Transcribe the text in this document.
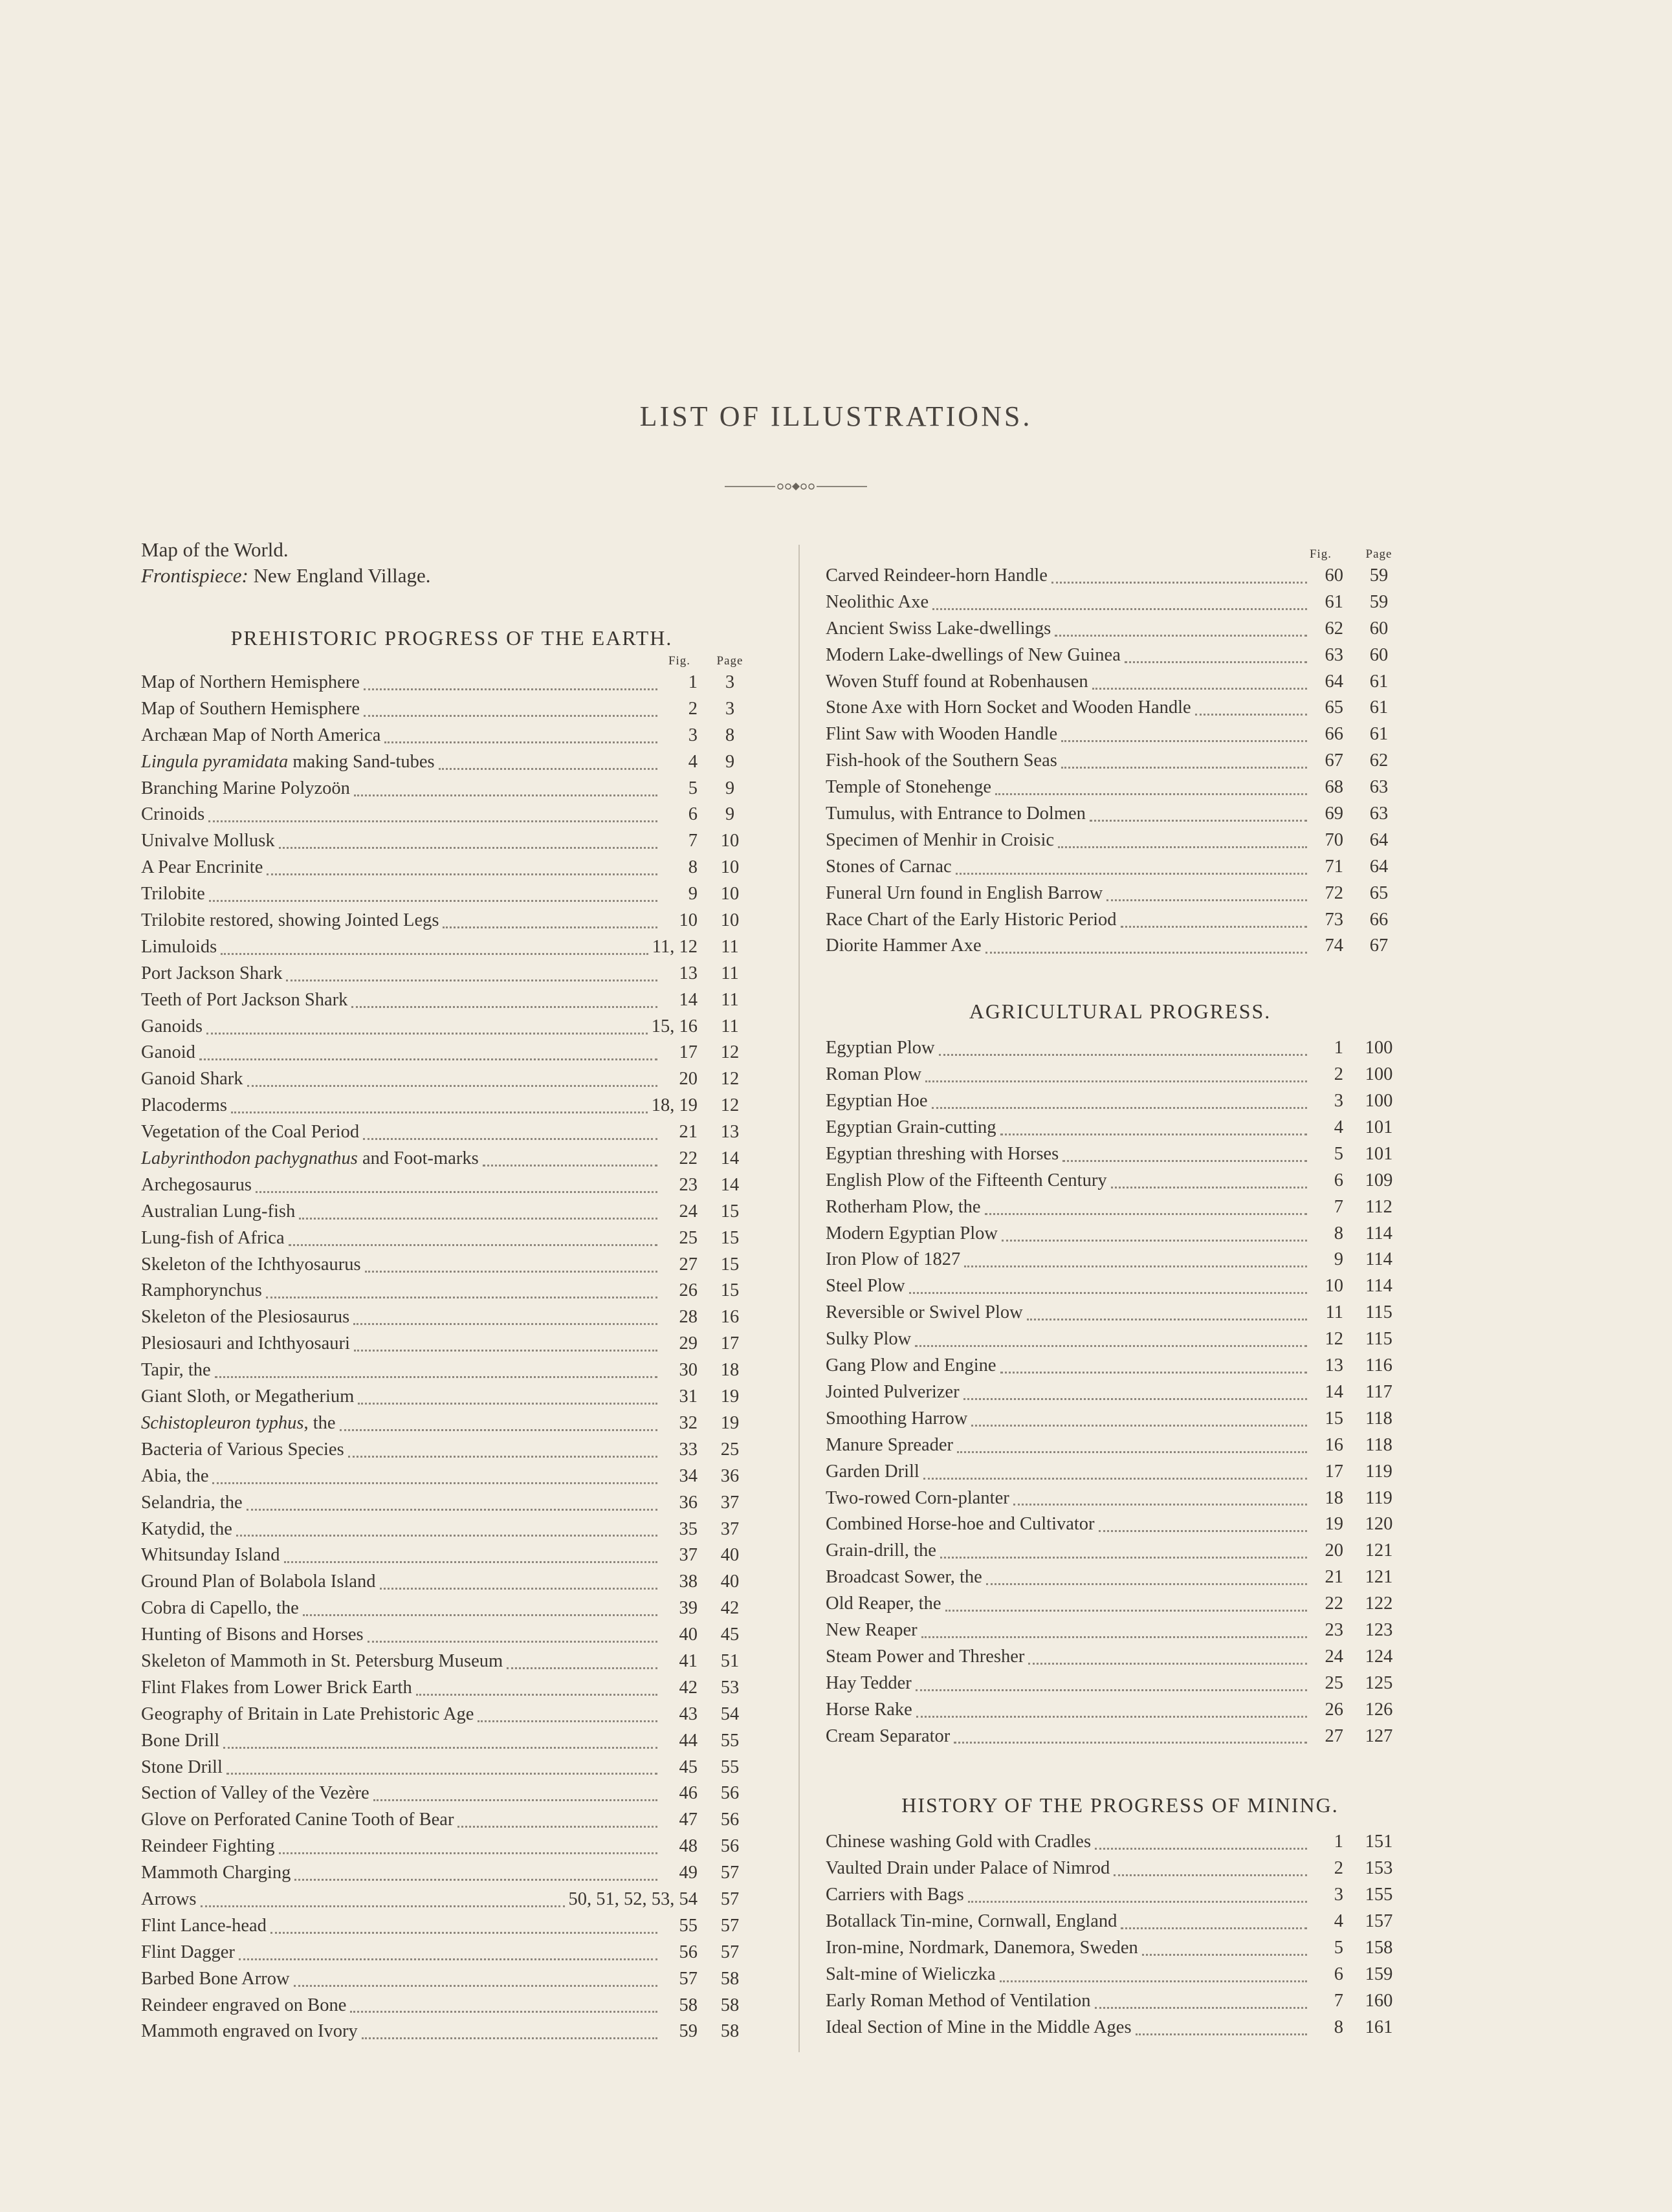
LIST OF ILLUSTRATIONS.
Map of the World.
Frontispiece: New England Village.
PREHISTORIC PROGRESS OF THE EARTH.
Fig.	Page
Map of Northern Hemisphere	1	3
Map of Southern Hemisphere	2	3
Archæan Map of North America	3	8
Lingula pyramidata making Sand-tubes	4	9
Branching Marine Polyzoön	5	9
Crinoids	6	9
Univalve Mollusk	7	10
A Pear Encrinite	8	10
Trilobite	9	10
Trilobite restored, showing Jointed Legs	10	10
Limuloids	11, 12	11
Port Jackson Shark	13	11
Teeth of Port Jackson Shark	14	11
Ganoids	15, 16	11
Ganoid	17	12
Ganoid Shark	20	12
Placoderms	18, 19	12
Vegetation of the Coal Period	21	13
Labyrinthodon pachygnathus and Foot-marks	22	14
Archegosaurus	23	14
Australian Lung-fish	24	15
Lung-fish of Africa	25	15
Skeleton of the Ichthyosaurus	27	15
Ramphorynchus	26	15
Skeleton of the Plesiosaurus	28	16
Plesiosauri and Ichthyosauri	29	17
Tapir, the	30	18
Giant Sloth, or Megatherium	31	19
Schistopleuron typhus, the	32	19
Bacteria of Various Species	33	25
Abia, the	34	36
Selandria, the	36	37
Katydid, the	35	37
Whitsunday Island	37	40
Ground Plan of Bolabola Island	38	40
Cobra di Capello, the	39	42
Hunting of Bisons and Horses	40	45
Skeleton of Mammoth in St. Petersburg Museum	41	51
Flint Flakes from Lower Brick Earth	42	53
Geography of Britain in Late Prehistoric Age	43	54
Bone Drill	44	55
Stone Drill	45	55
Section of Valley of the Vezère	46	56
Glove on Perforated Canine Tooth of Bear	47	56
Reindeer Fighting	48	56
Mammoth Charging	49	57
Arrows	50, 51, 52, 53, 54	57
Flint Lance-head	55	57
Flint Dagger	56	57
Barbed Bone Arrow	57	58
Reindeer engraved on Bone	58	58
Mammoth engraved on Ivory	59	58
Fig.	Page
Carved Reindeer-horn Handle	60	59
Neolithic Axe	61	59
Ancient Swiss Lake-dwellings	62	60
Modern Lake-dwellings of New Guinea	63	60
Woven Stuff found at Robenhausen	64	61
Stone Axe with Horn Socket and Wooden Handle	65	61
Flint Saw with Wooden Handle	66	61
Fish-hook of the Southern Seas	67	62
Temple of Stonehenge	68	63
Tumulus, with Entrance to Dolmen	69	63
Specimen of Menhir in Croisic	70	64
Stones of Carnac	71	64
Funeral Urn found in English Barrow	72	65
Race Chart of the Early Historic Period	73	66
Diorite Hammer Axe	74	67
AGRICULTURAL PROGRESS.
Egyptian Plow	1	100
Roman Plow	2	100
Egyptian Hoe	3	100
Egyptian Grain-cutting	4	101
Egyptian threshing with Horses	5	101
English Plow of the Fifteenth Century	6	109
Rotherham Plow, the	7	112
Modern Egyptian Plow	8	114
Iron Plow of 1827	9	114
Steel Plow	10	114
Reversible or Swivel Plow	11	115
Sulky Plow	12	115
Gang Plow and Engine	13	116
Jointed Pulverizer	14	117
Smoothing Harrow	15	118
Manure Spreader	16	118
Garden Drill	17	119
Two-rowed Corn-planter	18	119
Combined Horse-hoe and Cultivator	19	120
Grain-drill, the	20	121
Broadcast Sower, the	21	121
Old Reaper, the	22	122
New Reaper	23	123
Steam Power and Thresher	24	124
Hay Tedder	25	125
Horse Rake	26	126
Cream Separator	27	127
HISTORY OF THE PROGRESS OF MINING.
Chinese washing Gold with Cradles	1	151
Vaulted Drain under Palace of Nimrod	2	153
Carriers with Bags	3	155
Botallack Tin-mine, Cornwall, England	4	157
Iron-mine, Nordmark, Danemora, Sweden	5	158
Salt-mine of Wieliczka	6	159
Early Roman Method of Ventilation	7	160
Ideal Section of Mine in the Middle Ages	8	161
